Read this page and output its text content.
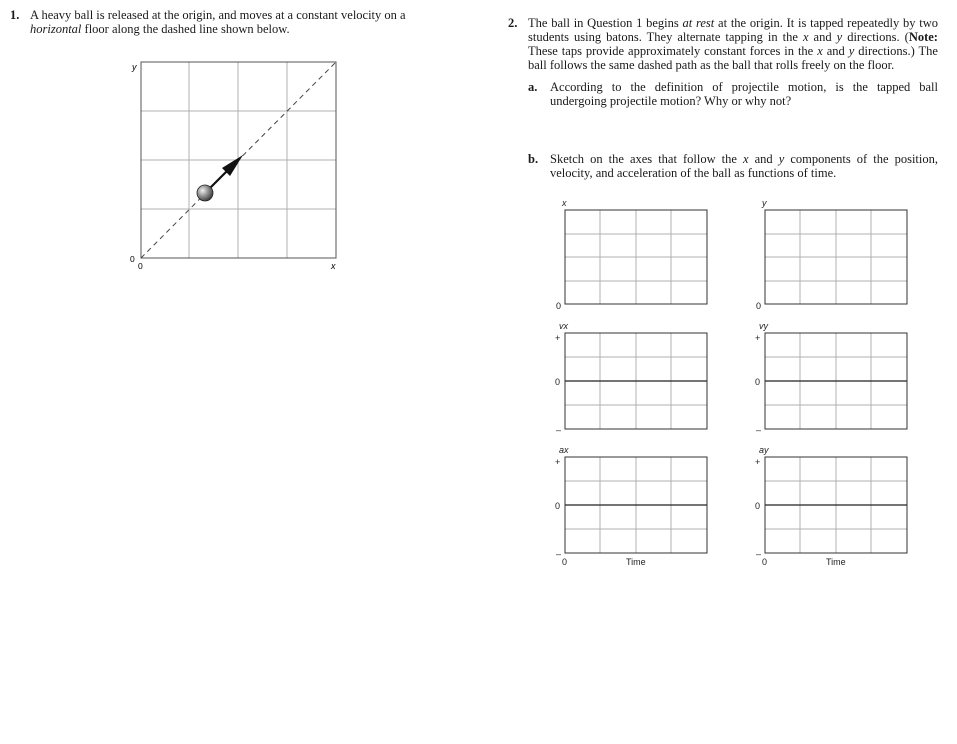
1. A heavy ball is released at the origin, and moves at a constant velocity on a horizontal floor along the dashed line shown below.	2. The ball in Question 1 begins at rest at the origin. It is tapped repeatedly by two students using batons. They alternate tapping in the x and y directions. (Note: These taps provide approximately constant forces in the x and y directions.) The ball follows the same dashed path as the ball that rolls freely on the floor.
a. According to the definition of projectile motion, is the tapped ball undergoing projectile motion? Why or why not?
b. Sketch on the axes that follow the x and y components of the position, velocity, and acceleration of the ball as functions of time.
y
x
0
0
x
0
y
0
vx
+
0
–
vy
+
0
–
ax
+
0
–
ay
+
0
–
0	Time	0	Time
